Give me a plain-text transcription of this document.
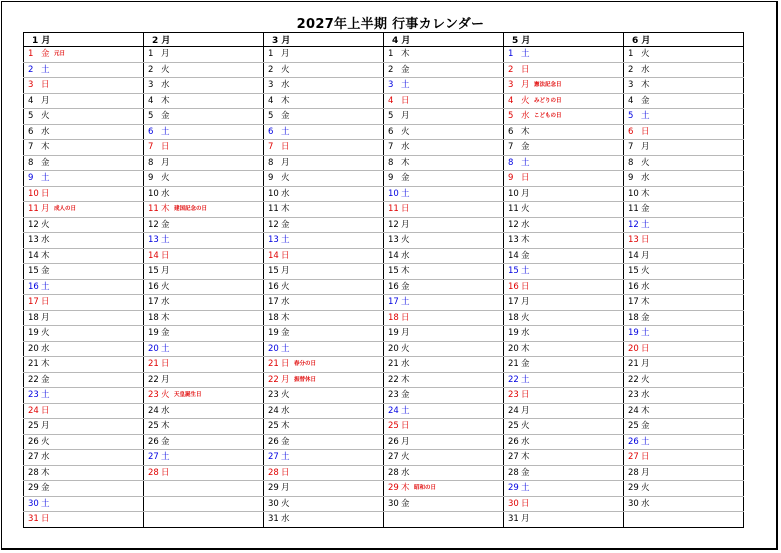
2027年上半期 行事カレンダー
1 月	2 月	3 月	4 月	5 月	6 月
1 金 元日	1 月	1 月	1 木	1 土	1 火
2 土	2 火	2 火	2 金	2 日	2 水
3 日	3 水	3 水	3 土	3 月 憲法記念日	3 木
4 月	4 木	4 木	4 日	4 火 みどりの日	4 金
5 火	5 金	5 金	5 月	5 水 こどもの日	5 土
6 水	6 土	6 土	6 火	6 木	6 日
7 木	7 日	7 日	7 水	7 金	7 月
8 金	8 月	8 月	8 木	8 土	8 火
9 土	9 火	9 火	9 金	9 日	9 水
10 日	10 水	10 水	10 土	10 月	10 木
11 月 成人の日	11 木 建国記念の日	11 木	11 日	11 火	11 金
12 火	12 金	12 金	12 月	12 水	12 土
13 水	13 土	13 土	13 火	13 木	13 日
14 木	14 日	14 日	14 水	14 金	14 月
15 金	15 月	15 月	15 木	15 土	15 火
16 土	16 火	16 火	16 金	16 日	16 水
17 日	17 水	17 水	17 土	17 月	17 木
18 月	18 木	18 木	18 日	18 火	18 金
19 火	19 金	19 金	19 月	19 水	19 土
20 水	20 土	20 土	20 火	20 木	20 日
21 木	21 日	21 日 春分の日	21 水	21 金	21 月
22 金	22 月	22 月 振替休日	22 木	22 土	22 火
23 土	23 火 天皇誕生日	23 火	23 金	23 日	23 水
24 日	24 水	24 水	24 土	24 月	24 木
25 月	25 木	25 木	25 日	25 火	25 金
26 火	26 金	26 金	26 月	26 水	26 土
27 水	27 土	27 土	27 火	27 木	27 日
28 木	28 日	28 日	28 水	28 金	28 月
29 金		29 月	29 木 昭和の日	29 土	29 火
30 土		30 火	30 金	30 日	30 水
31 日		31 水		31 月	
